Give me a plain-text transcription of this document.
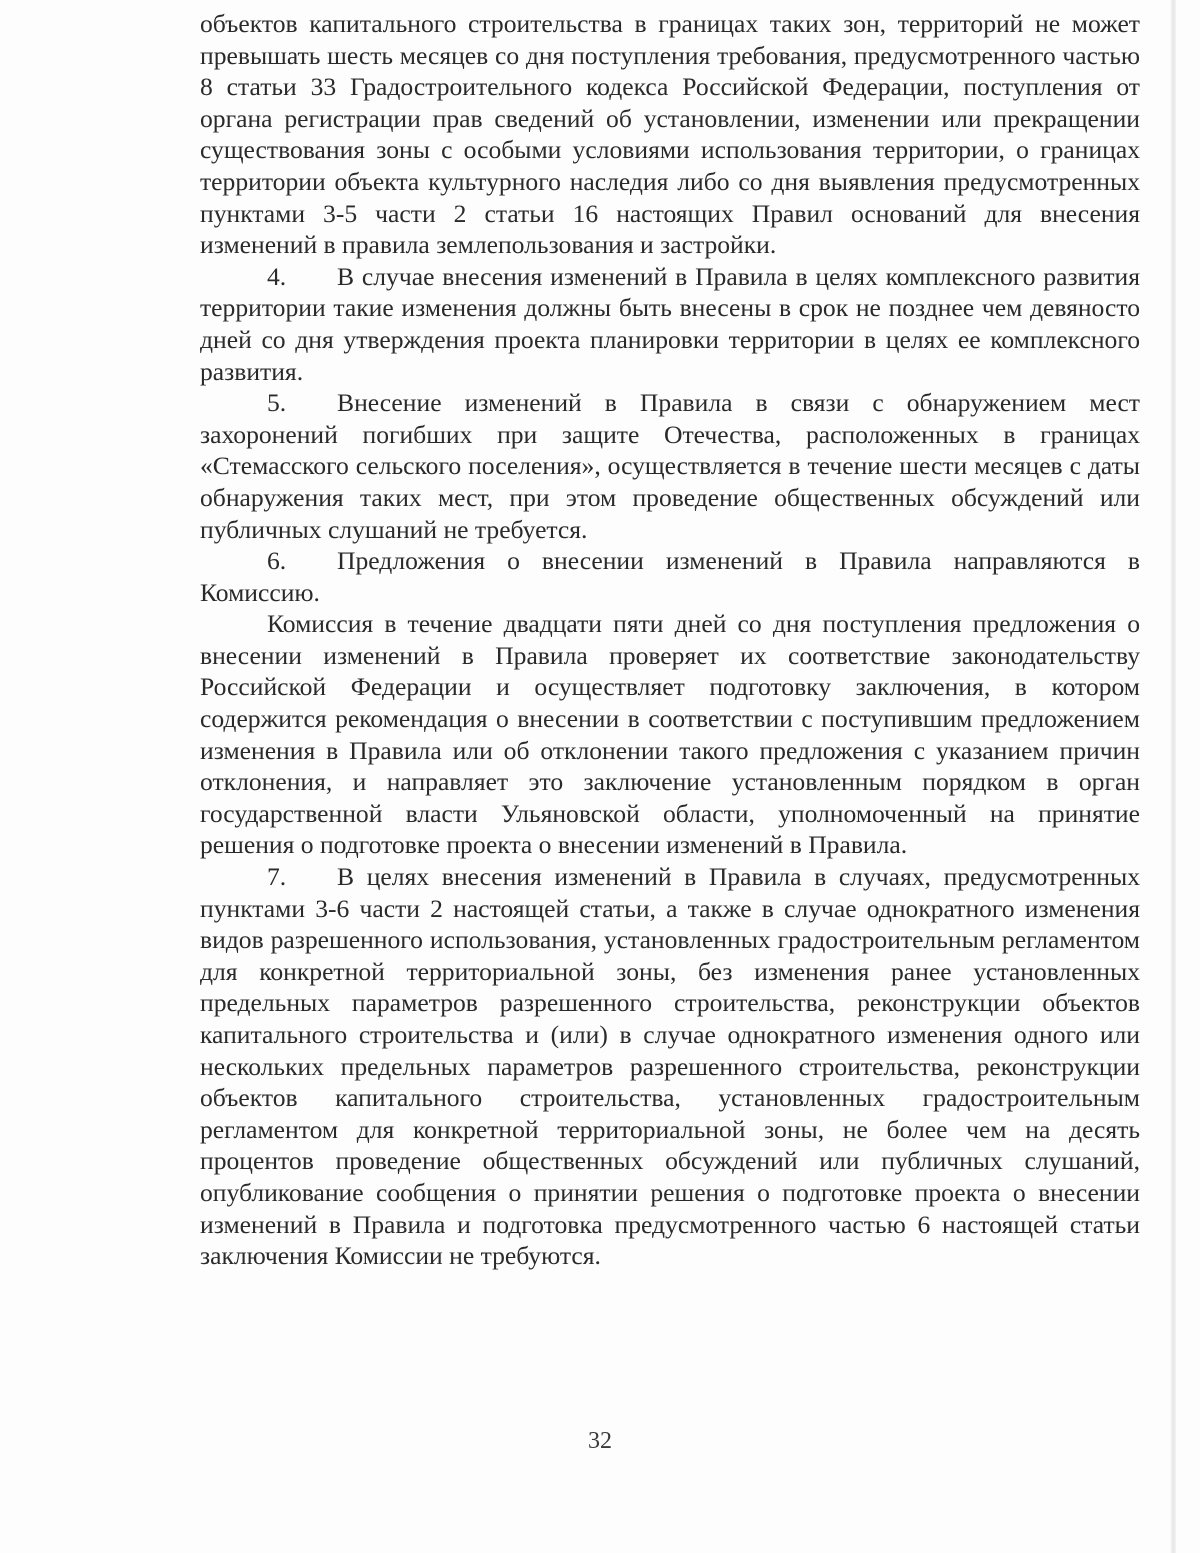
объектов капитального строительства в границах таких зон, территорий не может превышать шесть месяцев со дня поступления требования, предусмотренного частью 8 статьи 33 Градостроительного кодекса Российской Федерации, поступления от органа регистрации прав сведений об установлении, изменении или прекращении существования зоны с особыми условиями использования территории, о границах территории объекта культурного наследия либо со дня выявления предусмотренных пунктами 3-5 части 2 статьи 16 настоящих Правил оснований для внесения изменений в правила землепользования и застройки.

4. В случае внесения изменений в Правила в целях комплексного развития территории такие изменения должны быть внесены в срок не позднее чем девяносто дней со дня утверждения проекта планировки территории в целях ее комплексного развития.

5. Внесение изменений в Правила в связи с обнаружением мест захоронений погибших при защите Отечества, расположенных в границах «Стемасского сельского поселения», осуществляется в течение шести месяцев с даты обнаружения таких мест, при этом проведение общественных обсуждений или публичных слушаний не требуется.

6. Предложения о внесении изменений в Правила направляются в Комиссию.

Комиссия в течение двадцати пяти дней со дня поступления предложения о внесении изменений в Правила проверяет их соответствие законодательству Российской Федерации и осуществляет подготовку заключения, в котором содержится рекомендация о внесении в соответствии с поступившим предложением изменения в Правила или об отклонении такого предложения с указанием причин отклонения, и направляет это заключение установленным порядком в орган государственной власти Ульяновской области, уполномоченный на принятие решения о подготовке проекта о внесении изменений в Правила.

7. В целях внесения изменений в Правила в случаях, предусмотренных пунктами 3-6 части 2 настоящей статьи, а также в случае однократного изменения видов разрешенного использования, установленных градостроительным регламентом для конкретной территориальной зоны, без изменения ранее установленных предельных параметров разрешенного строительства, реконструкции объектов капитального строительства и (или) в случае однократного изменения одного или нескольких предельных параметров разрешенного строительства, реконструкции объектов капитального строительства, установленных градостроительным регламентом для конкретной территориальной зоны, не более чем на десять процентов проведение общественных обсуждений или публичных слушаний, опубликование сообщения о принятии решения о подготовке проекта о внесении изменений в Правила и подготовка предусмотренного частью 6 настоящей статьи заключения Комиссии не требуются.

32
